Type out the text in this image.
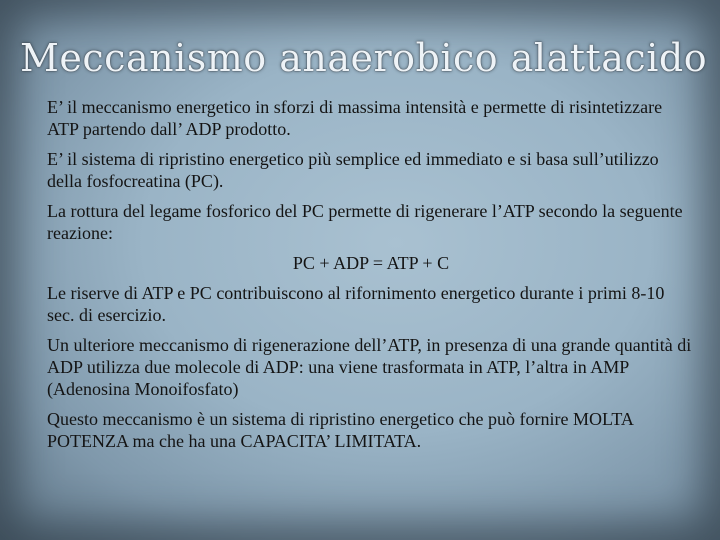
Meccanismo anaerobico alattacido

E’ il meccanismo energetico in sforzi di massima intensità e permette di risintetizzare ATP partendo dall’ ADP prodotto.

E’ il sistema di ripristino energetico più semplice ed immediato e si basa sull’utilizzo della fosfocreatina (PC).

La rottura del legame fosforico del PC permette di rigenerare l’ATP secondo la seguente reazione:

PC + ADP = ATP + C

Le riserve di ATP e PC contribuiscono al rifornimento energetico durante i primi 8-10 sec. di esercizio.

Un ulteriore meccanismo di rigenerazione dell’ATP, in presenza di una grande quantità di ADP utilizza due molecole di ADP: una viene trasformata in ATP, l’altra in AMP (Adenosina Monoifosfato)

Questo meccanismo è un sistema di ripristino energetico che può fornire MOLTA POTENZA ma che ha una CAPACITA’ LIMITATA.
